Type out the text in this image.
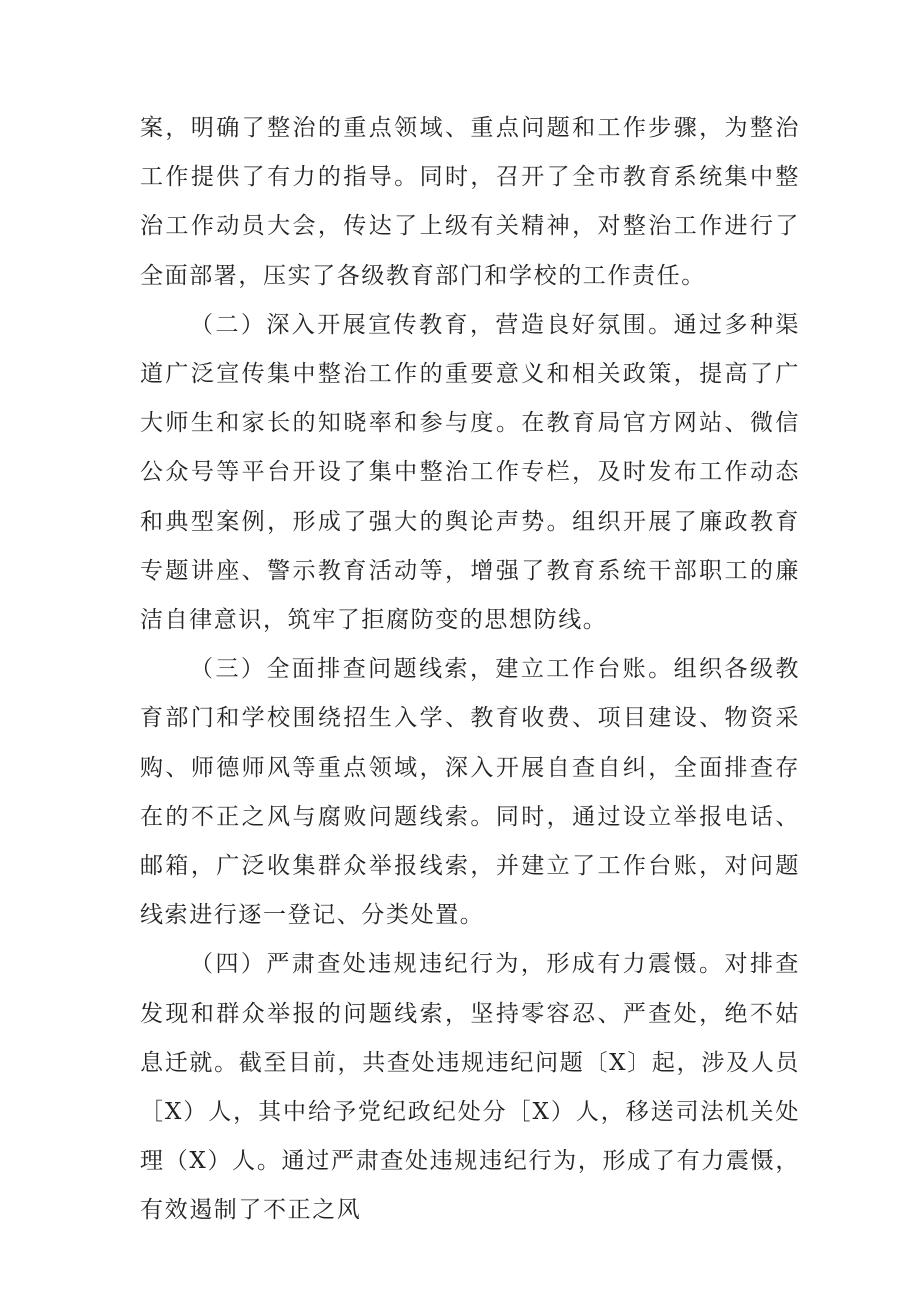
案，明确了整治的重点领域、重点问题和工作步骤，为整治工作提供了有力的指导。同时，召开了全市教育系统集中整治工作动员大会，传达了上级有关精神，对整治工作进行了全面部署，压实了各级教育部门和学校的工作责任。

（二）深入开展宣传教育，营造良好氛围。通过多种渠道广泛宣传集中整治工作的重要意义和相关政策，提高了广大师生和家长的知晓率和参与度。在教育局官方网站、微信公众号等平台开设了集中整治工作专栏，及时发布工作动态和典型案例，形成了强大的舆论声势。组织开展了廉政教育专题讲座、警示教育活动等，增强了教育系统干部职工的廉洁自律意识，筑牢了拒腐防变的思想防线。

（三）全面排查问题线索，建立工作台账。组织各级教育部门和学校围绕招生入学、教育收费、项目建设、物资采购、师德师风等重点领域，深入开展自查自纠，全面排查存在的不正之风与腐败问题线索。同时，通过设立举报电话、邮箱，广泛收集群众举报线索，并建立了工作台账，对问题线索进行逐一登记、分类处置。

（四）严肃查处违规违纪行为，形成有力震慑。对排查发现和群众举报的问题线索，坚持零容忍、严查处，绝不姑息迁就。截至目前，共查处违规违纪问题〔X〕起，涉及人员［X）人，其中给予党纪政纪处分［X）人，移送司法机关处理（X）人。通过严肃查处违规违纪行为，形成了有力震慑，有效遏制了不正之风
